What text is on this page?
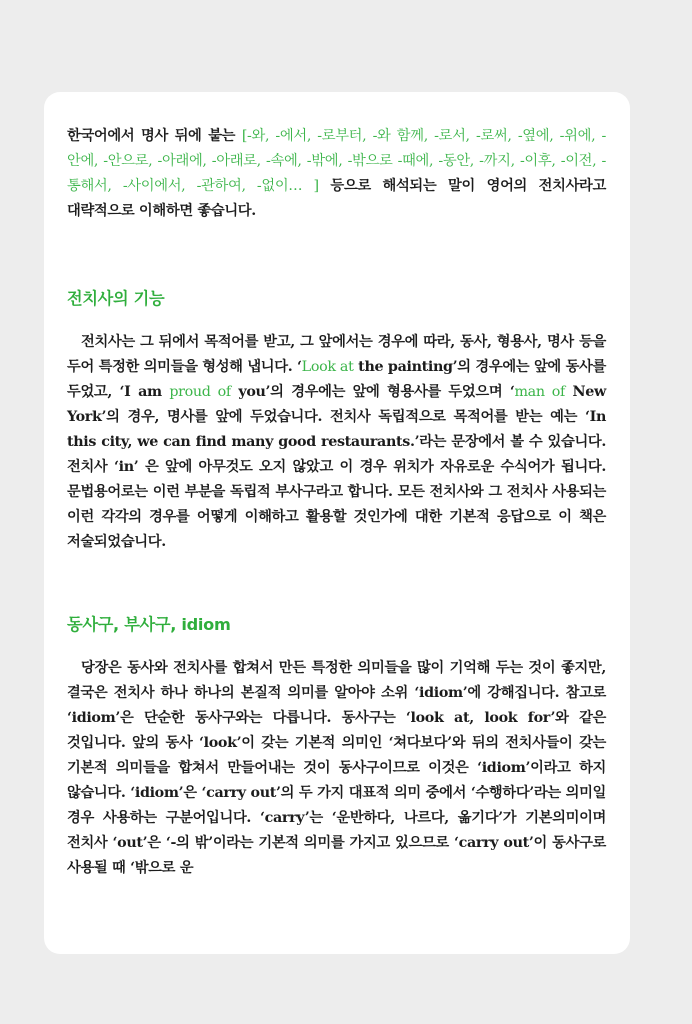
한국어에서 명사 뒤에 붙는 [-와, -에서, -로부터, -와 함께, -로서, -로써, -옆에, -위에, -안에, -안으로, -아래에, -아래로, -속에, -밖에, -밖으로 -때에, -동안, -까지, -이후, -이전, -통해서, -사이에서, -관하여, -없이… ] 등으로 해석되는 말이 영어의 전치사라고 대략적으로 이해하면 좋습니다.

전치사의 기능

전치사는 그 뒤에서 목적어를 받고, 그 앞에서는 경우에 따라, 동사, 형용사, 명사 등을 두어 특정한 의미들을 형성해 냅니다. ‘Look at the painting’의 경우에는 앞에 동사를 두었고, ‘I am proud of you’의 경우에는 앞에 형용사를 두었으며 ‘man of New York’의 경우, 명사를 앞에 두었습니다. 전치사 독립적으로 목적어를 받는 예는 ‘In this city, we can find many good restaurants.’라는 문장에서 볼 수 있습니다. 전치사 ‘in’ 은 앞에 아무것도 오지 않았고 이 경우 위치가 자유로운 수식어가 됩니다. 문법용어로는 이런 부분을 독립적 부사구라고 합니다. 모든 전치사와 그 전치사 사용되는 이런 각각의 경우를 어떻게 이해하고 활용할 것인가에 대한 기본적 응답으로 이 책은 저술되었습니다.

동사구, 부사구, idiom

당장은 동사와 전치사를 합쳐서 만든 특정한 의미들을 많이 기억해 두는 것이 좋지만, 결국은 전치사 하나 하나의 본질적 의미를 알아야 소위 ‘idiom’에 강해집니다. 참고로 ‘idiom’은 단순한 동사구와는 다릅니다. 동사구는 ‘look at, look for’와 같은 것입니다. 앞의 동사 ‘look’이 갖는 기본적 의미인 ‘쳐다보다’와 뒤의 전치사들이 갖는 기본적 의미들을 합쳐서 만들어내는 것이 동사구이므로 이것은 ‘idiom’이라고 하지 않습니다. ‘idiom’은 ‘carry out’의 두 가지 대표적 의미 중에서 ‘수행하다’라는 의미일 경우 사용하는 구분어입니다. ‘carry’는 ‘운반하다, 나르다, 옮기다’가 기본의미이며 전치사 ‘out’은 ‘-의 밖’이라는 기본적 의미를 가지고 있으므로 ‘carry out’이 동사구로 사용될 때 ‘밖으로 운
